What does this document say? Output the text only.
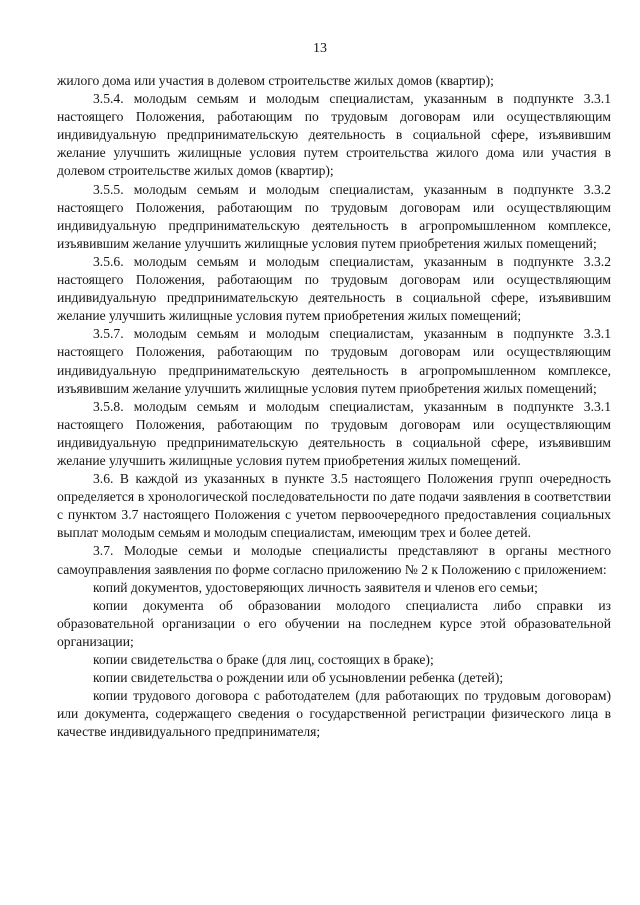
13

жилого дома или участия в долевом строительстве жилых домов (квартир);

3.5.4. молодым семьям и молодым специалистам, указанным в подпункте 3.3.1 настоящего Положения, работающим по трудовым договорам или осуществляющим индивидуальную предпринимательскую деятельность в социальной сфере, изъявившим желание улучшить жилищные условия путем строительства жилого дома или участия в долевом строительстве жилых домов (квартир);

3.5.5. молодым семьям и молодым специалистам, указанным в подпункте 3.3.2 настоящего Положения, работающим по трудовым договорам или осуществляющим индивидуальную предпринимательскую деятельность в агропромышленном комплексе, изъявившим желание улучшить жилищные условия путем приобретения жилых помещений;

3.5.6. молодым семьям и молодым специалистам, указанным в подпункте 3.3.2 настоящего Положения, работающим по трудовым договорам или осуществляющим индивидуальную предпринимательскую деятельность в социальной сфере, изъявившим желание улучшить жилищные условия путем приобретения жилых помещений;

3.5.7. молодым семьям и молодым специалистам, указанным в подпункте 3.3.1 настоящего Положения, работающим по трудовым договорам или осуществляющим индивидуальную предпринимательскую деятельность в агропромышленном комплексе, изъявившим желание улучшить жилищные условия путем приобретения жилых помещений;

3.5.8. молодым семьям и молодым специалистам, указанным в подпункте 3.3.1 настоящего Положения, работающим по трудовым договорам или осуществляющим индивидуальную предпринимательскую деятельность в социальной сфере, изъявившим желание улучшить жилищные условия путем приобретения жилых помещений.

3.6. В каждой из указанных в пункте 3.5 настоящего Положения групп очередность определяется в хронологической последовательности по дате подачи заявления в соответствии с пунктом 3.7 настоящего Положения с учетом первоочередного предоставления социальных выплат молодым семьям и молодым специалистам, имеющим трех и более детей.

3.7. Молодые семьи и молодые специалисты представляют в органы местного самоуправления заявления по форме согласно приложению № 2 к Положению с приложением:

копий документов, удостоверяющих личность заявителя и членов его семьи;

копии документа об образовании молодого специалиста либо справки из образовательной организации о его обучении на последнем курсе этой образовательной организации;

копии свидетельства о браке (для лиц, состоящих в браке);

копии свидетельства о рождении или об усыновлении ребенка (детей);

копии трудового договора с работодателем (для работающих по трудовым договорам) или документа, содержащего сведения о государственной регистрации физического лица в качестве индивидуального предпринимателя;
